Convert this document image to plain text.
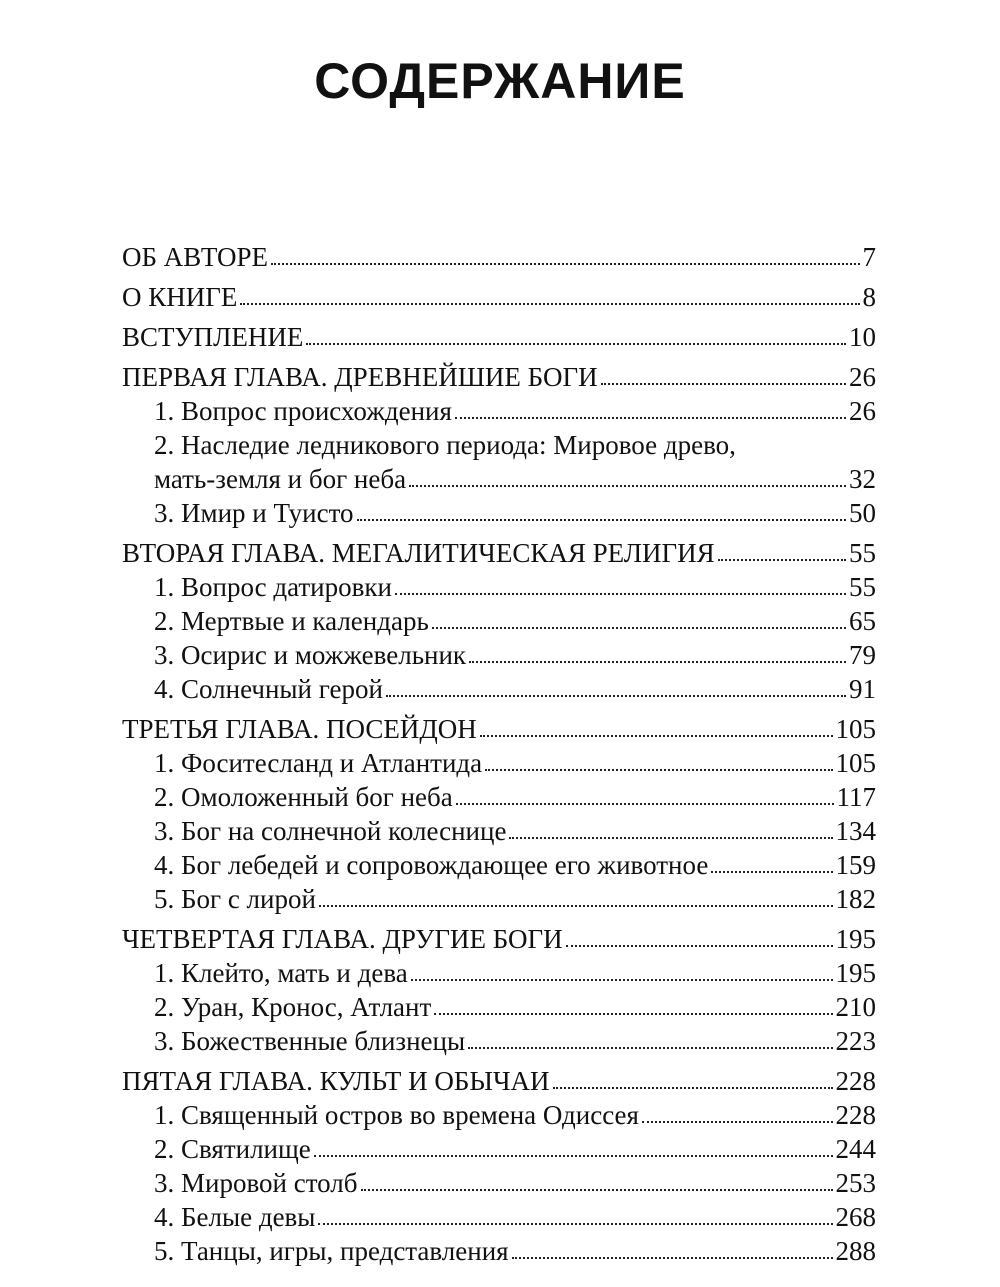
СОДЕРЖАНИЕ
ОБ АВТОРЕ	7
О КНИГЕ	8
ВСТУПЛЕНИЕ	10
ПЕРВАЯ ГЛАВА. ДРЕВНЕЙШИЕ БОГИ	26
1. Вопрос происхождения	26
2. Наследие ледникового периода: Мировое древо,
мать-земля и бог неба	32
3. Имир и Туисто	50
ВТОРАЯ ГЛАВА. МЕГАЛИТИЧЕСКАЯ РЕЛИГИЯ	55
1. Вопрос датировки	55
2. Мертвые и календарь	65
3. Осирис и можжевельник	79
4. Солнечный герой	91
ТРЕТЬЯ ГЛАВА. ПОСЕЙДОН	105
1. Фоситесланд и Атлантида	105
2. Омоложенный бог неба	117
3. Бог на солнечной колеснице	134
4. Бог лебедей и сопровождающее его животное	159
5. Бог с лирой	182
ЧЕТВЕРТАЯ ГЛАВА. ДРУГИЕ БОГИ	195
1. Клейто, мать и дева	195
2. Уран, Кронос, Атлант	210
3. Божественные близнецы	223
ПЯТАЯ ГЛАВА. КУЛЬТ И ОБЫЧАИ	228
1. Священный остров во времена Одиссея	228
2. Святилище	244
3. Мировой столб	253
4. Белые девы	268
5. Танцы, игры, представления	288
